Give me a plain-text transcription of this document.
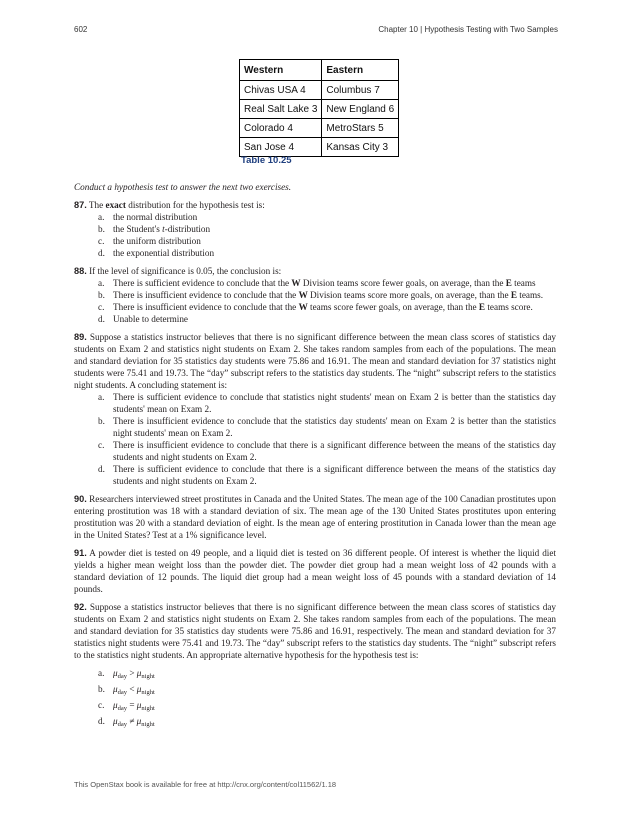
602	Chapter 10 | Hypothesis Testing with Two Samples
Western	Eastern
Chivas USA 4	Columbus 7
Real Salt Lake 3	New England 6
Colorado 4	MetroStars 5
San Jose 4	Kansas City 3
Table 10.25

Conduct a hypothesis test to answer the next two exercises.

87. The exact distribution for the hypothesis test is:
a. the normal distribution
b. the Student's t-distribution
c. the uniform distribution
d. the exponential distribution
88. If the level of significance is 0.05, the conclusion is:
a. There is sufficient evidence to conclude that the W Division teams score fewer goals, on average, than the E teams
b. There is insufficient evidence to conclude that the W Division teams score more goals, on average, than the E teams.
c. There is insufficient evidence to conclude that the W teams score fewer goals, on average, than the E teams score.
d. Unable to determine
89. Suppose a statistics instructor believes that there is no significant difference between the mean class scores of statistics day students on Exam 2 and statistics night students on Exam 2. She takes random samples from each of the populations. The mean and standard deviation for 35 statistics day students were 75.86 and 16.91. The mean and standard deviation for 37 statistics night students were 75.41 and 19.73. The “day” subscript refers to the statistics day students. The “night” subscript refers to the statistics night students. A concluding statement is:
a. There is sufficient evidence to conclude that statistics night students' mean on Exam 2 is better than the statistics day students' mean on Exam 2.
b. There is insufficient evidence to conclude that the statistics day students' mean on Exam 2 is better than the statistics night students' mean on Exam 2.
c. There is insufficient evidence to conclude that there is a significant difference between the means of the statistics day students and night students on Exam 2.
d. There is sufficient evidence to conclude that there is a significant difference between the means of the statistics day students and night students on Exam 2.
90. Researchers interviewed street prostitutes in Canada and the United States. The mean age of the 100 Canadian prostitutes upon entering prostitution was 18 with a standard deviation of six. The mean age of the 130 United States prostitutes upon entering prostitution was 20 with a standard deviation of eight. Is the mean age of entering prostitution in Canada lower than the mean age in the United States? Test at a 1% significance level.
91. A powder diet is tested on 49 people, and a liquid diet is tested on 36 different people. Of interest is whether the liquid diet yields a higher mean weight loss than the powder diet. The powder diet group had a mean weight loss of 42 pounds with a standard deviation of 12 pounds. The liquid diet group had a mean weight loss of 45 pounds with a standard deviation of 14 pounds.
92. Suppose a statistics instructor believes that there is no significant difference between the mean class scores of statistics day students on Exam 2 and statistics night students on Exam 2. She takes random samples from each of the populations. The mean and standard deviation for 35 statistics day students were 75.86 and 16.91, respectively. The mean and standard deviation for 37 statistics night students were 75.41 and 19.73. The “day” subscript refers to the statistics day students. The “night” subscript refers to the statistics night students. An appropriate alternative hypothesis for the hypothesis test is:
a. $\mu_{day} > \mu_{night}$
b. $\mu_{day} < \mu_{night}$
c. $\mu_{day} = \mu_{night}$
d. $\mu_{day} \ne \mu_{night}$
This OpenStax book is available for free at http://cnx.org/content/col11562/1.18
